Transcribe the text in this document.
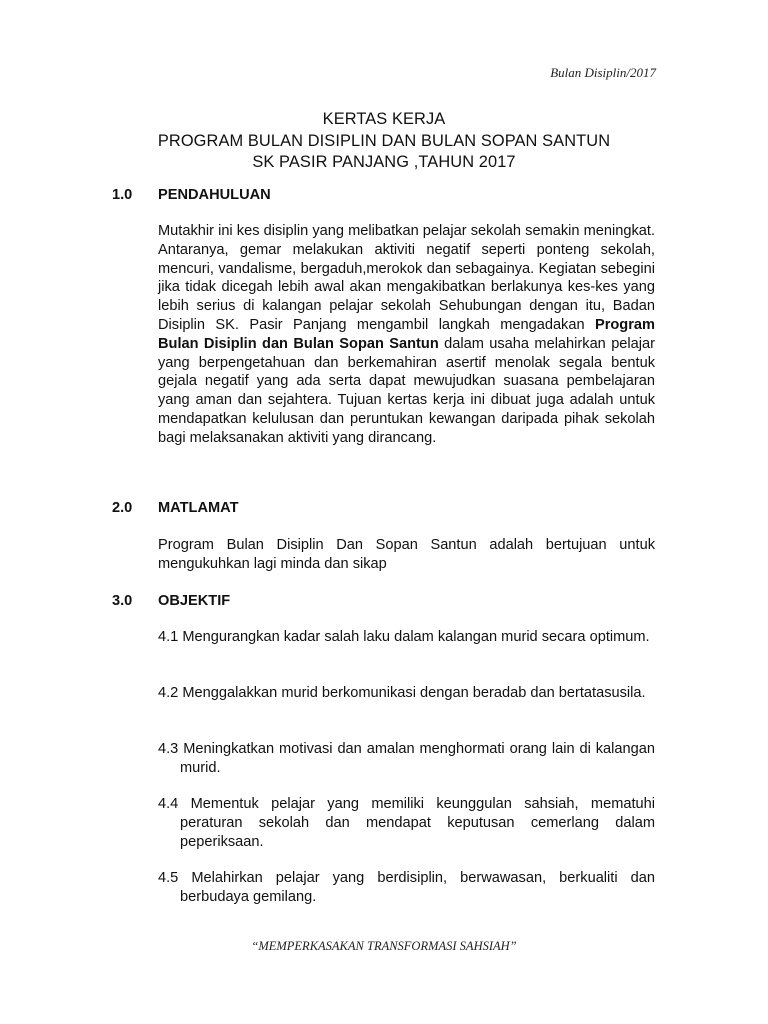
Bulan Disiplin/2017
KERTAS KERJA
PROGRAM BULAN DISIPLIN DAN BULAN SOPAN SANTUN
SK PASIR PANJANG ,TAHUN 2017
1.0 PENDAHULUAN
Mutakhir ini kes disiplin yang melibatkan pelajar sekolah semakin meningkat. Antaranya, gemar melakukan aktiviti negatif seperti ponteng sekolah, mencuri, vandalisme, bergaduh,merokok dan sebagainya. Kegiatan sebegini jika tidak dicegah lebih awal akan mengakibatkan berlakunya kes-kes yang lebih serius di kalangan pelajar sekolah Sehubungan dengan itu, Badan Disiplin SK. Pasir Panjang mengambil langkah mengadakan Program Bulan Disiplin dan Bulan Sopan Santun dalam usaha melahirkan pelajar yang berpengetahuan dan berkemahiran asertif menolak segala bentuk gejala negatif yang ada serta dapat mewujudkan suasana pembelajaran yang aman dan sejahtera. Tujuan kertas kerja ini dibuat juga adalah untuk mendapatkan kelulusan dan peruntukan kewangan daripada pihak sekolah bagi melaksanakan aktiviti yang dirancang.
2.0 MATLAMAT
Program Bulan Disiplin Dan Sopan Santun adalah bertujuan untuk mengukuhkan lagi minda dan sikap
3.0 OBJEKTIF
4.1 Mengurangkan kadar salah laku dalam kalangan murid secara optimum.
4.2 Menggalakkan murid berkomunikasi dengan beradab dan bertatasusila.
4.3 Meningkatkan motivasi dan amalan menghormati orang lain di kalangan murid.
4.4 Mementuk pelajar yang memiliki keunggulan sahsiah, mematuhi peraturan sekolah dan mendapat keputusan cemerlang dalam peperiksaan.
4.5 Melahirkan pelajar yang berdisiplin, berwawasan, berkualiti dan berbudaya gemilang.
“MEMPERKASAKAN TRANSFORMASI SAHSIAH”
